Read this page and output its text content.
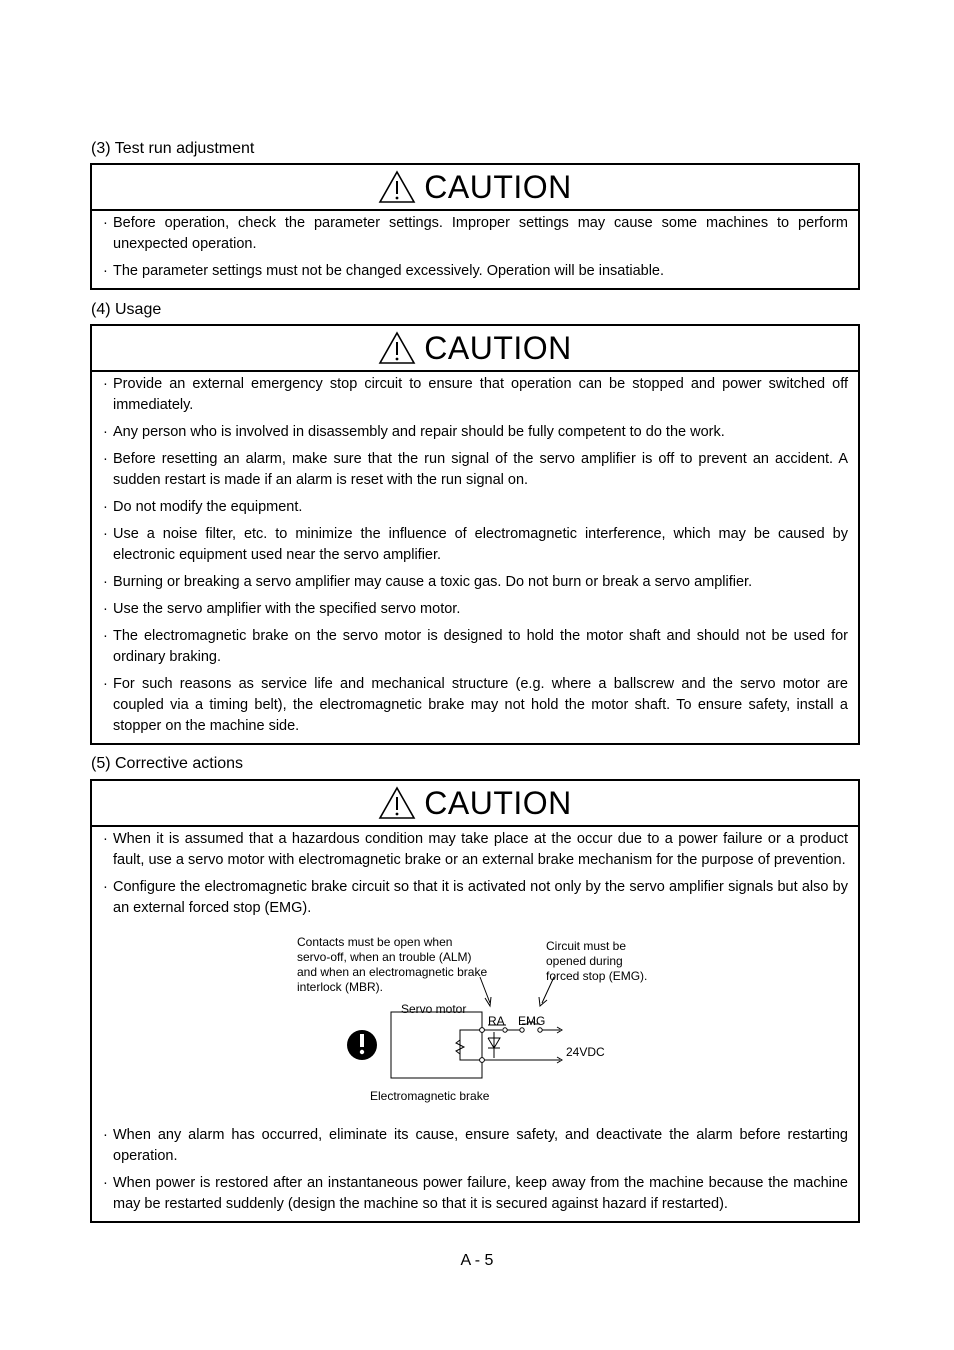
(3) Test run adjustment
CAUTION
· Before operation, check the parameter settings. Improper settings may cause some machines to perform unexpected operation.
· The parameter settings must not be changed excessively. Operation will be insatiable.
(4) Usage
CAUTION
· Provide an external emergency stop circuit to ensure that operation can be stopped and power switched off immediately.
· Any person who is involved in disassembly and repair should be fully competent to do the work.
· Before resetting an alarm, make sure that the run signal of the servo amplifier is off to prevent an accident. A sudden restart is made if an alarm is reset with the run signal on.
· Do not modify the equipment.
· Use a noise filter, etc. to minimize the influence of electromagnetic interference, which may be caused by electronic equipment used near the servo amplifier.
· Burning or breaking a servo amplifier may cause a toxic gas. Do not burn or break a servo amplifier.
· Use the servo amplifier with the specified servo motor.
· The electromagnetic brake on the servo motor is designed to hold the motor shaft and should not be used for ordinary braking.
· For such reasons as service life and mechanical structure (e.g. where a ballscrew and the servo motor are coupled via a timing belt), the electromagnetic brake may not hold the motor shaft. To ensure safety, install a stopper on the machine side.
(5) Corrective actions
CAUTION
· When it is assumed that a hazardous condition may take place at the occur due to a power failure or a product fault, use a servo motor with electromagnetic brake or an external brake mechanism for the purpose of prevention.
· Configure the electromagnetic brake circuit so that it is activated not only by the servo amplifier signals but also by an external forced stop (EMG).
Contacts must be open when
servo-off, when an trouble (ALM)
and when an electromagnetic brake
interlock (MBR).
Circuit must be
opened during
forced stop (EMG).
Servo motor
RA EMG
24VDC
Electromagnetic brake
· When any alarm has occurred, eliminate its cause, ensure safety, and deactivate the alarm before restarting operation.
· When power is restored after an instantaneous power failure, keep away from the machine because the machine may be restarted suddenly (design the machine so that it is secured against hazard if restarted).
A - 5
